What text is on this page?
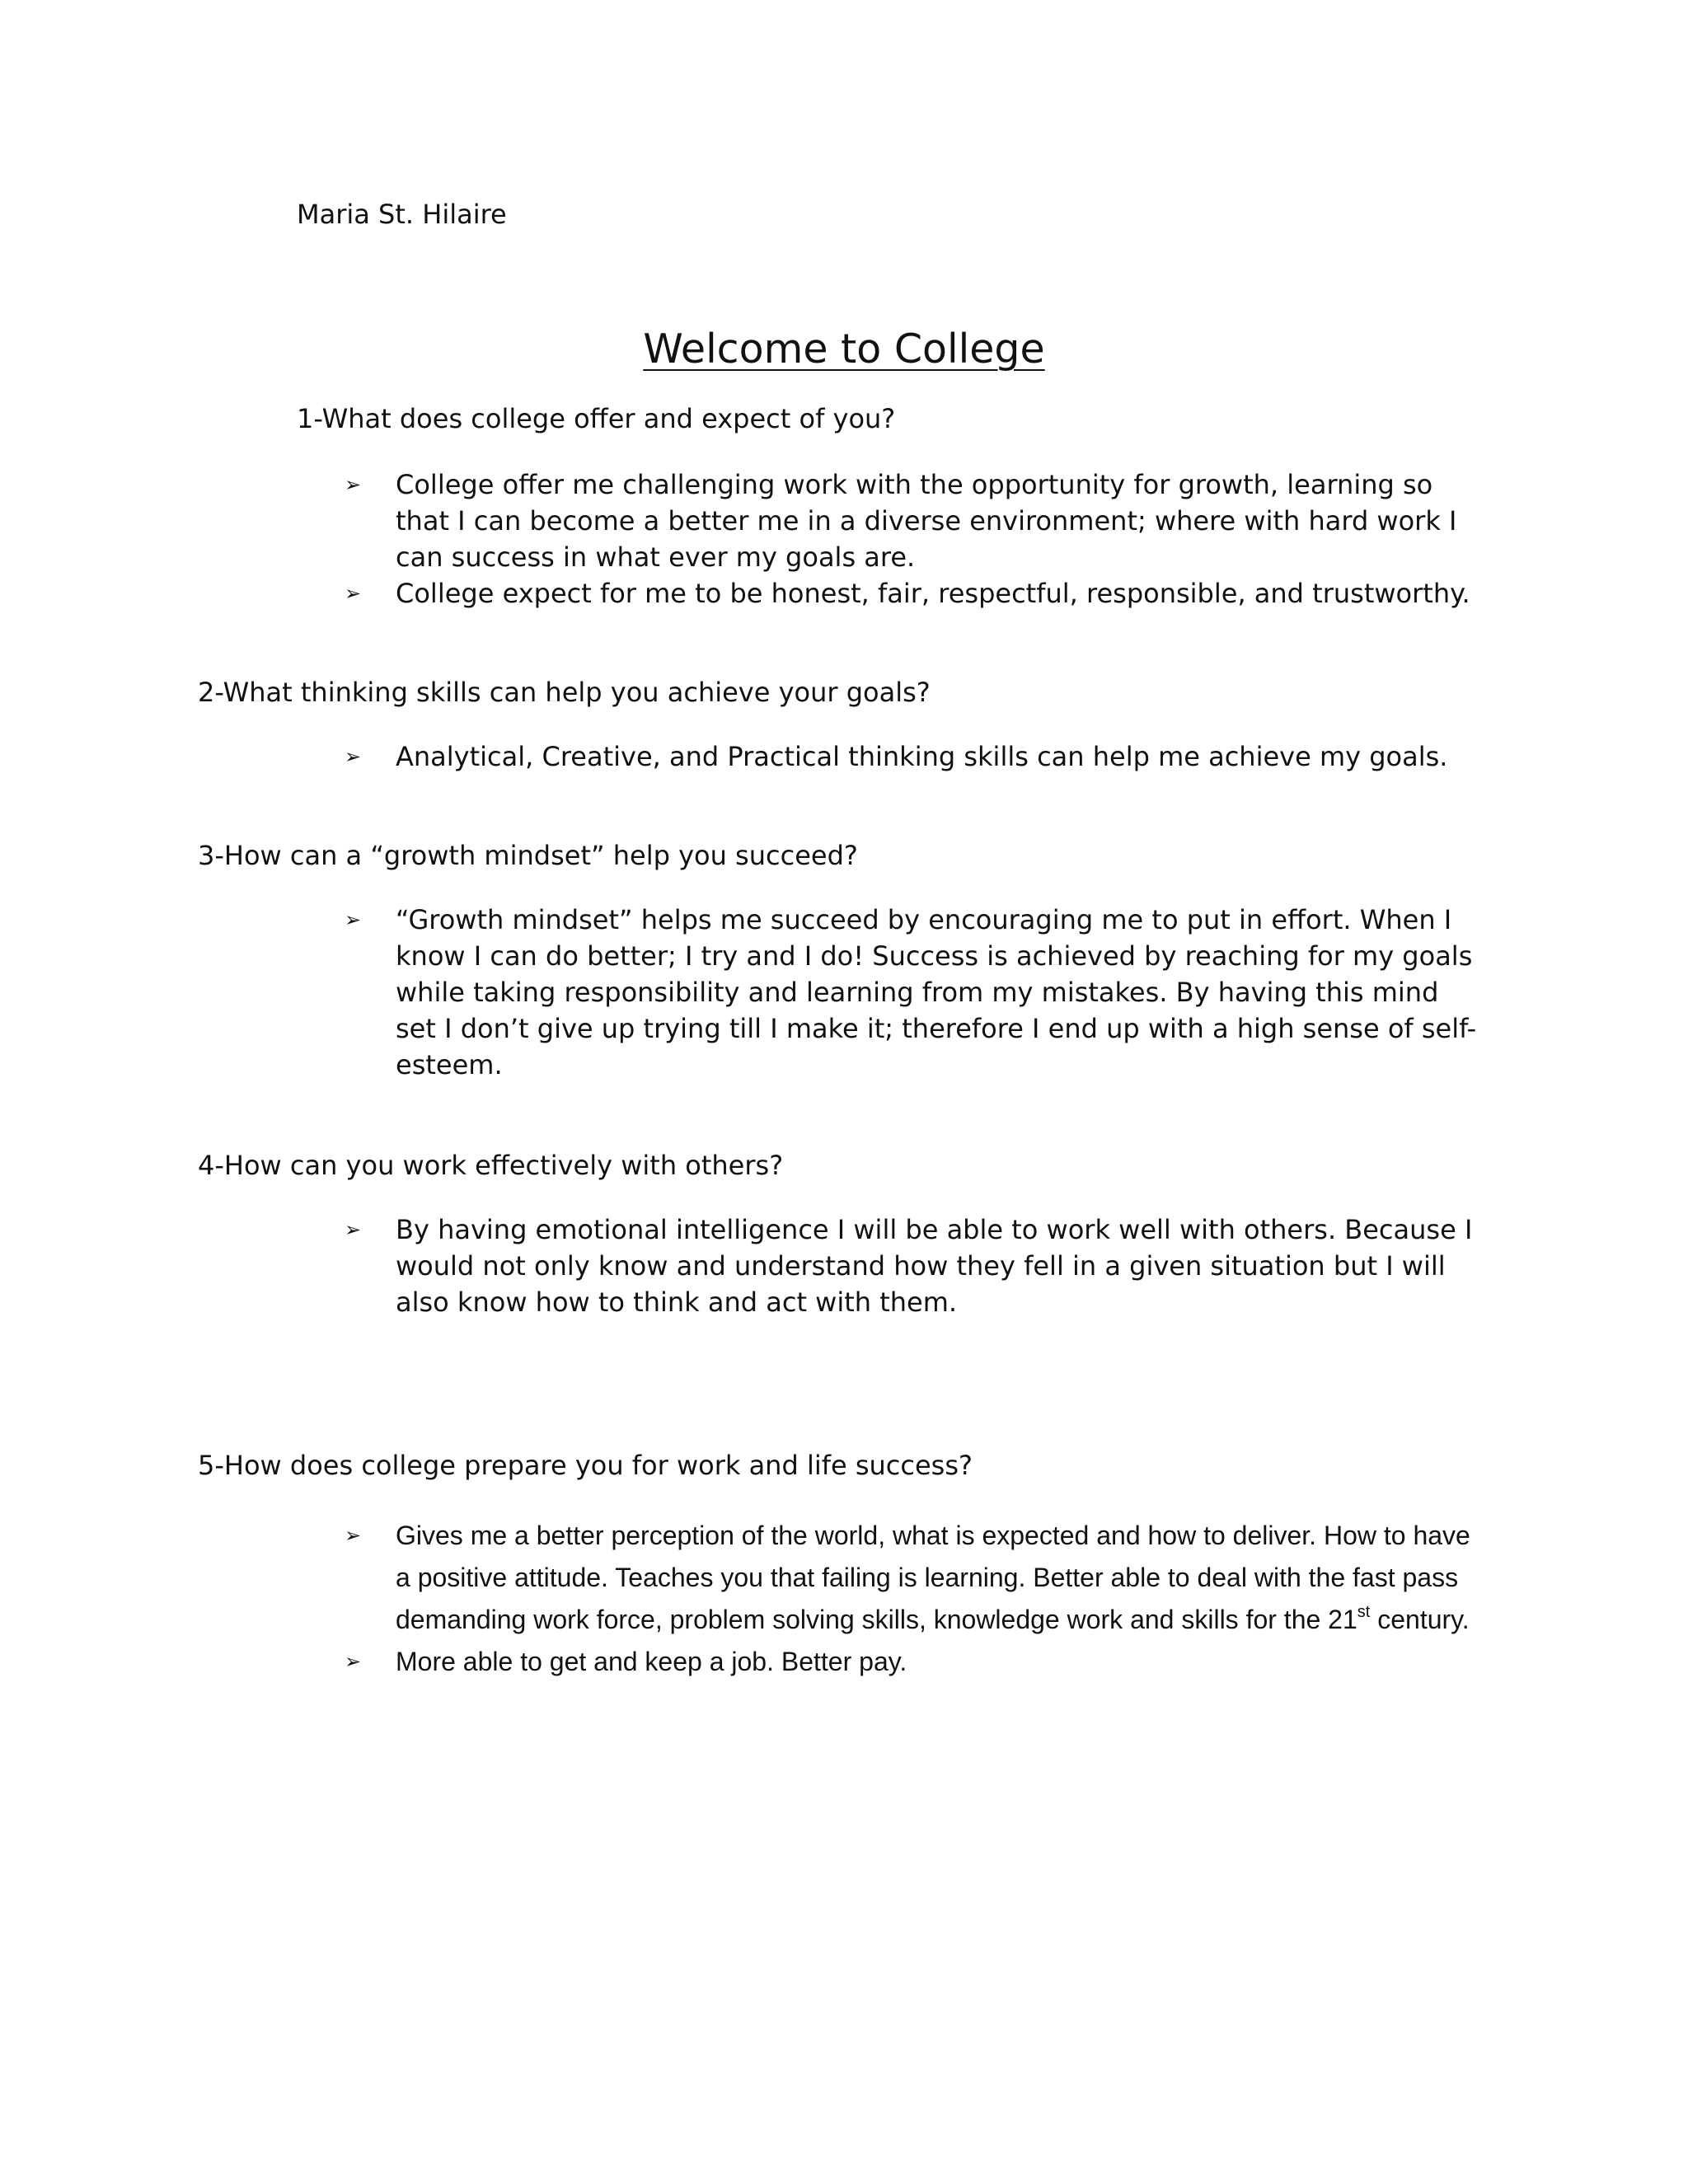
Maria St. Hilaire
Welcome to College
1-What does college offer and expect of you?
➢	College offer me challenging work with the opportunity for growth, learning so that I can become a better me in a diverse environment; where with hard work I can success in what ever my goals are.
➢	College expect for me to be honest, fair, respectful, responsible, and trustworthy.
2-What thinking skills can help you achieve your goals?
➢	Analytical, Creative, and Practical thinking skills can help me achieve my goals.
3-How can a “growth mindset” help you succeed?
➢	“Growth mindset” helps me succeed by encouraging me to put in effort. When I know I can do better; I try and I do! Success is achieved by reaching for my goals while taking responsibility and learning from my mistakes. By having this mind set I don’t give up trying till I make it; therefore I end up with a high sense of self-esteem.
4-How can you work effectively with others?
➢	By having emotional intelligence I will be able to work well with others. Because I would not only know and understand how they fell in a given situation but I will also know how to think and act with them.
5-How does college prepare you for work and life success?
➢	Gives me a better perception of the world, what is expected and how to deliver. How to have a positive attitude. Teaches you that failing is learning. Better able to deal with the fast pass demanding work force, problem solving skills, knowledge work and skills for the 21st century.
➢	More able to get and keep a job. Better pay.
